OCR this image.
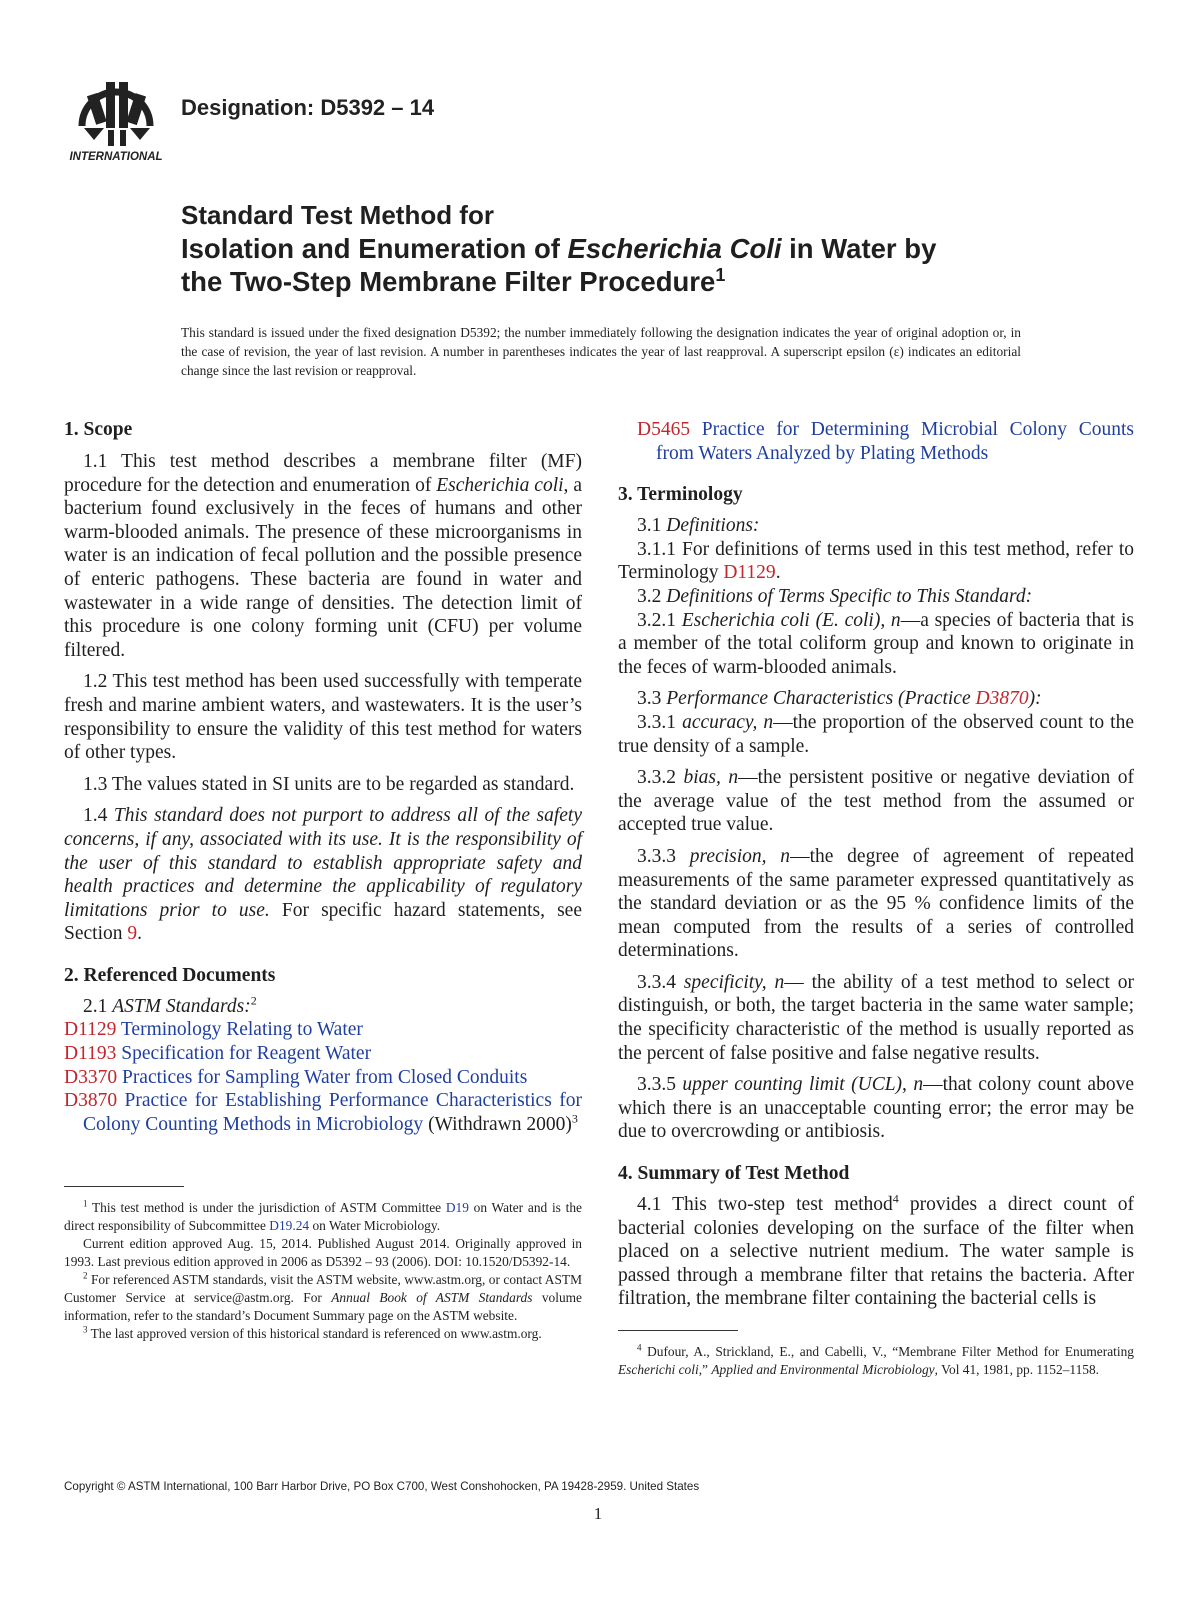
INTERNATIONAL
Designation: D5392 – 14
Standard Test Method for
Isolation and Enumeration of Escherichia Coli in Water by
the Two-Step Membrane Filter Procedure$^1$
This standard is issued under the fixed designation D5392; the number immediately following the designation indicates the year of original adoption or, in the case of revision, the year of last revision. A number in parentheses indicates the year of last reapproval. A superscript epsilon (ε) indicates an editorial change since the last revision or reapproval.
1. Scope

1.1 This test method describes a membrane filter (MF) procedure for the detection and enumeration of Escherichia coli, a bacterium found exclusively in the feces of humans and other warm-blooded animals. The presence of these microorganisms in water is an indication of fecal pollution and the possible presence of enteric pathogens. These bacteria are found in water and wastewater in a wide range of densities. The detection limit of this procedure is one colony forming unit (CFU) per volume filtered.

1.2 This test method has been used successfully with temperate fresh and marine ambient waters, and wastewaters. It is the user’s responsibility to ensure the validity of this test method for waters of other types.

1.3 The values stated in SI units are to be regarded as standard.

1.4 This standard does not purport to address all of the safety concerns, if any, associated with its use. It is the responsibility of the user of this standard to establish appropriate safety and health practices and determine the applicability of regulatory limitations prior to use. For specific hazard statements, see Section 9.

2. Referenced Documents

2.1 ASTM Standards:$^2$

D1129 Terminology Relating to Water

D1193 Specification for Reagent Water

D3370 Practices for Sampling Water from Closed Conduits

D3870 Practice for Establishing Performance Characteristics for Colony Counting Methods in Microbiology (Withdrawn 2000)$^3$

$^1$ This test method is under the jurisdiction of ASTM Committee D19 on Water and is the direct responsibility of Subcommittee D19.24 on Water Microbiology.

Current edition approved Aug. 15, 2014. Published August 2014. Originally approved in 1993. Last previous edition approved in 2006 as D5392 – 93 (2006). DOI: 10.1520/D5392-14.

$^2$ For referenced ASTM standards, visit the ASTM website, www.astm.org, or contact ASTM Customer Service at service@astm.org. For Annual Book of ASTM Standards volume information, refer to the standard’s Document Summary page on the ASTM website.

$^3$ The last approved version of this historical standard is referenced on www.astm.org.

D5465 Practice for Determining Microbial Colony Counts from Waters Analyzed by Plating Methods

3. Terminology

3.1 Definitions:

3.1.1 For definitions of terms used in this test method, refer to Terminology D1129.

3.2 Definitions of Terms Specific to This Standard:

3.2.1 Escherichia coli (E. coli), n—a species of bacteria that is a member of the total coliform group and known to originate in the feces of warm-blooded animals.

3.3 Performance Characteristics (Practice D3870):

3.3.1 accuracy, n—the proportion of the observed count to the true density of a sample.

3.3.2 bias, n—the persistent positive or negative deviation of the average value of the test method from the assumed or accepted true value.

3.3.3 precision, n—the degree of agreement of repeated measurements of the same parameter expressed quantitatively as the standard deviation or as the 95 % confidence limits of the mean computed from the results of a series of controlled determinations.

3.3.4 specificity, n— the ability of a test method to select or distinguish, or both, the target bacteria in the same water sample; the specificity characteristic of the method is usually reported as the percent of false positive and false negative results.

3.3.5 upper counting limit (UCL), n—that colony count above which there is an unacceptable counting error; the error may be due to overcrowding or antibiosis.

4. Summary of Test Method

4.1 This two-step test method$^4$ provides a direct count of bacterial colonies developing on the surface of the filter when placed on a selective nutrient medium. The water sample is passed through a membrane filter that retains the bacteria. After filtration, the membrane filter containing the bacterial cells is

$^4$ Dufour, A., Strickland, E., and Cabelli, V., “Membrane Filter Method for Enumerating Escherichi coli,” Applied and Environmental Microbiology, Vol 41, 1981, pp. 1152–1158.

Copyright © ASTM International, 100 Barr Harbor Drive, PO Box C700, West Conshohocken, PA 19428-2959. United States
1
